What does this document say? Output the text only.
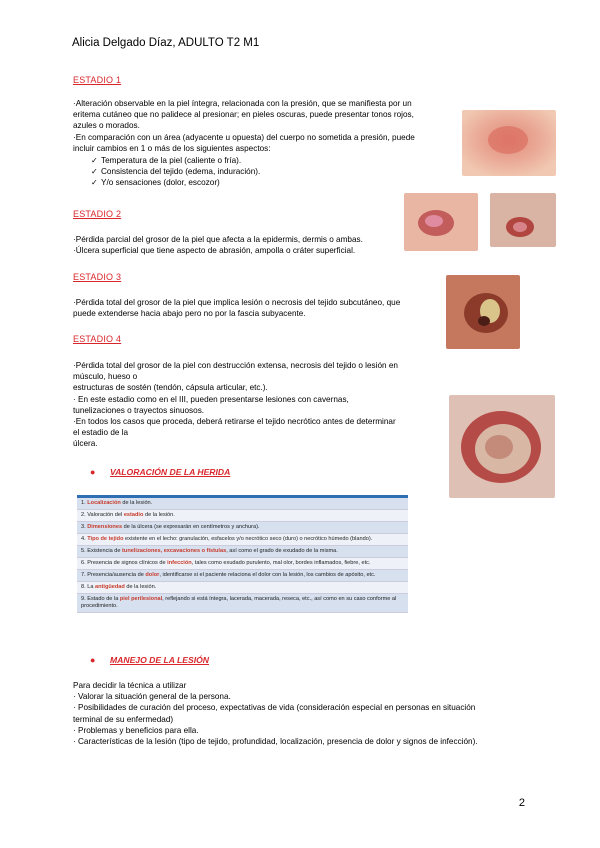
Alicia Delgado Díaz, ADULTO T2 M1
ESTADIO 1
·Alteración observable en la piel íntegra, relacionada con la presión, que se manifiesta por un
eritema cutáneo que no palidece al presionar; en pieles oscuras, puede presentar tonos rojos,
azules o morados.
·En comparación con un área (adyacente u opuesta) del cuerpo no sometida a presión, puede
incluir cambios en 1 o más de los siguientes aspectos:
✓ Temperatura de la piel (caliente o fría).
✓ Consistencia del tejido (edema, induración).
✓ Y/o sensaciones (dolor, escozor)
ESTADIO 2
·Pérdida parcial del grosor de la piel que afecta a la epidermis, dermis o ambas.
·Úlcera superficial que tiene aspecto de abrasión, ampolla o cráter superficial.
ESTADIO 3
·Pérdida total del grosor de la piel que implica lesión o necrosis del tejido subcutáneo, que
puede extenderse hacia abajo pero no por la fascia subyacente.
ESTADIO 4
·Pérdida total del grosor de la piel con destrucción extensa, necrosis del tejido o lesión en
músculo, hueso o
estructuras de sostén (tendón, cápsula articular, etc.).
· En este estadio como en el III, pueden presentarse lesiones con cavernas,
tunelizaciones o trayectos sinuosos.
·En todos los casos que proceda, deberá retirarse el tejido necrótico antes de determinar
el estadio de la
úlcera.
● VALORACIÓN DE LA HERIDA
1. Localización de la lesión.
2. Valoración del estadio de la lesión.
3. Dimensiones de la úlcera (se expresarán en centímetros y anchura).
4. Tipo de tejido existente en el lecho: granulación, esfacelos y/o necrótico seco (duro) o necrótico húmedo (blando).
5. Existencia de tunelizaciones, excavaciones o fístulas, así como el grado de exudado de la misma.
6. Presencia de signos clínicos de infección, tales como exudado purulento, mal olor, bordes inflamados, fiebre, etc.
7. Presencia/ausencia de dolor, identificarse si el paciente relaciona el dolor con la lesión, los cambios de apósito, etc.
8. La antigüedad de la lesión.
9. Estado de la piel perilesional, reflejando si está íntegra, lacerada, macerada, reseca, etc., así como en su caso conforme al procedimiento.
● MANEJO DE LA LESIÓN
Para decidir la técnica a utilizar
· Valorar la situación general de la persona.
· Posibilidades de curación del proceso, expectativas de vida (consideración especial en personas en situación
terminal de su enfermedad)
· Problemas y beneficios para ella.
· Características de la lesión (tipo de tejido, profundidad, localización, presencia de dolor y signos de infección).
2
